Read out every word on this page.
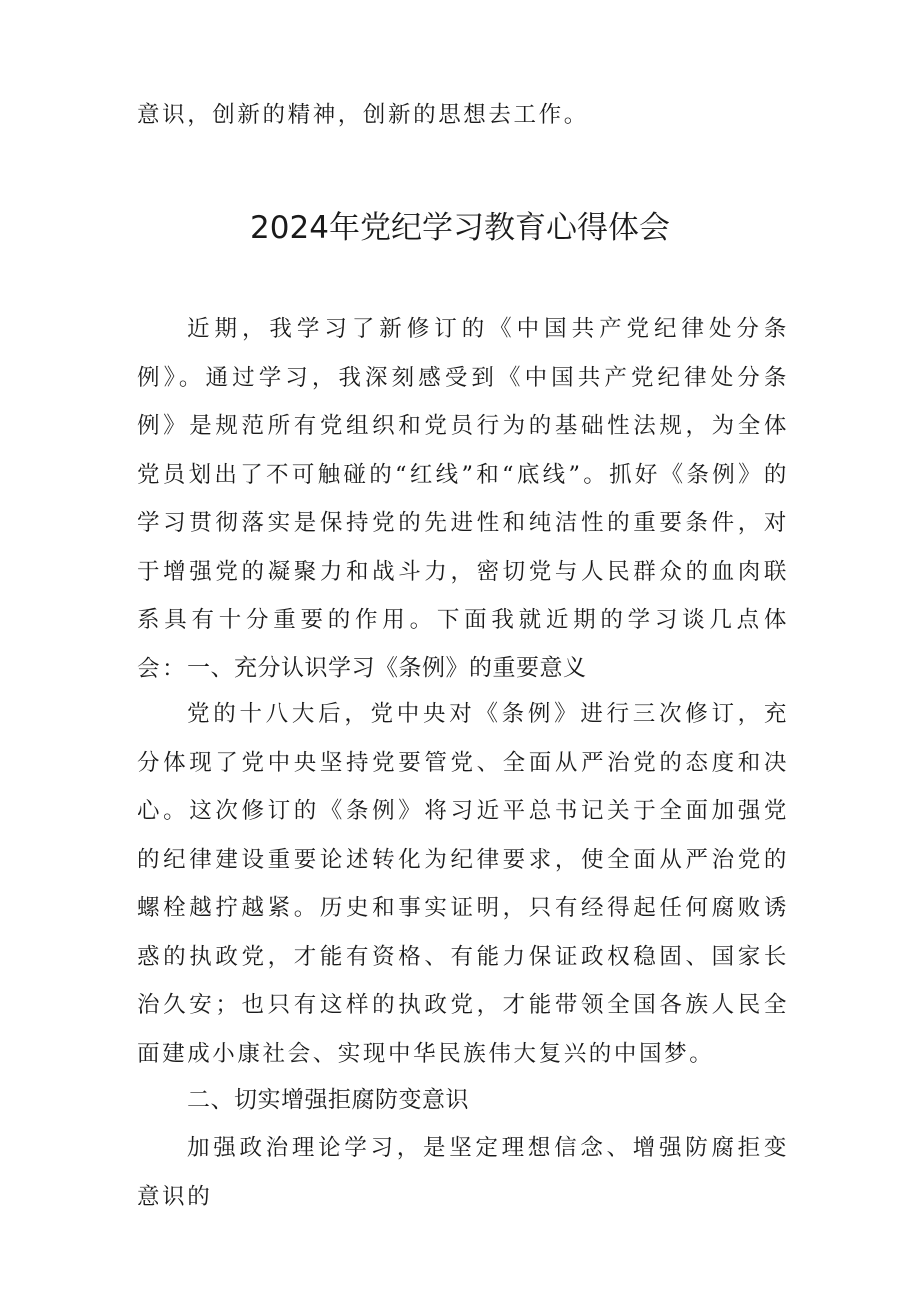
意识，创新的精神，创新的思想去工作。

2024年党纪学习教育心得体会

近期，我学习了新修订的《中国共产党纪律处分条例》。通过学习，我深刻感受到《中国共产党纪律处分条例》是规范所有党组织和党员行为的基础性法规，为全体党员划出了不可触碰的“红线”和“底线”。抓好《条例》的学习贯彻落实是保持党的先进性和纯洁性的重要条件，对于增强党的凝聚力和战斗力，密切党与人民群众的血肉联系具有十分重要的作用。下面我就近期的学习谈几点体会： 一、充分认识学习《条例》的重要意义

党的十八大后，党中央对《条例》进行三次修订，充分体现了党中央坚持党要管党、全面从严治党的态度和决心。这次修订的《条例》将习近平总书记关于全面加强党的纪律建设重要论述转化为纪律要求，使全面从严治党的螺栓越拧越紧。历史和事实证明，只有经得起任何腐败诱惑的执政党，才能有资格、有能力保证政权稳固、国家长治久安；也只有这样的执政党，才能带领全国各族人民全面建成小康社会、实现中华民族伟大复兴的中国梦。

二、切实增强拒腐防变意识

加强政治理论学习，是坚定理想信念、增强防腐拒变意识的
